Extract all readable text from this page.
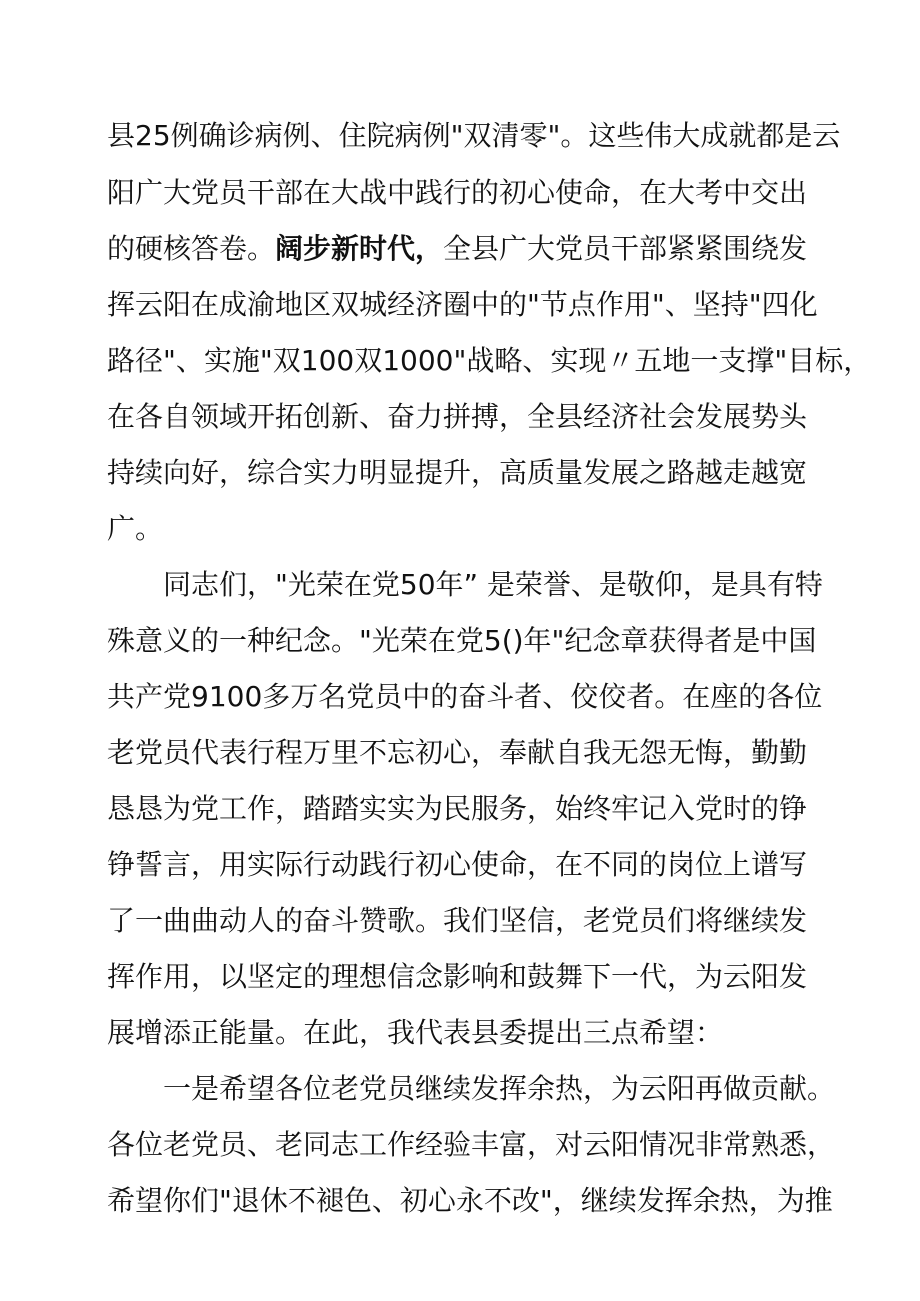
县25例确诊病例、住院病例"双清零"。这些伟大成就都是云
阳广大党员干部在大战中践行的初心使命，在大考中交出
的硬核答卷。阔步新时代，全县广大党员干部紧紧围绕发
挥云阳在成渝地区双城经济圈中的"节点作用"、坚持"四化
路径"、实施"双100双1000"战略、实现〃五地一支撑"目标，
在各自领域开拓创新、奋力拼搏，全县经济社会发展势头
持续向好，综合实力明显提升，高质量发展之路越走越宽
广。
同志们，"光荣在党50年” 是荣誉、是敬仰，是具有特
殊意义的一种纪念。"光荣在党5()年"纪念章获得者是中国
共产党9100多万名党员中的奋斗者、佼佼者。在座的各位
老党员代表行程万里不忘初心，奉献自我无怨无悔，勤勤
恳恳为党工作，踏踏实实为民服务，始终牢记入党时的铮
铮誓言，用实际行动践行初心使命，在不同的岗位上谱写
了一曲曲动人的奋斗赞歌。我们坚信，老党员们将继续发
挥作用，以坚定的理想信念影响和鼓舞下一代，为云阳发
展增添正能量。在此，我代表县委提出三点希望：
一是希望各位老党员继续发挥余热，为云阳再做贡献。
各位老党员、老同志工作经验丰富，对云阳情况非常熟悉，
希望你们"退休不褪色、初心永不改"，继续发挥余热，为推
